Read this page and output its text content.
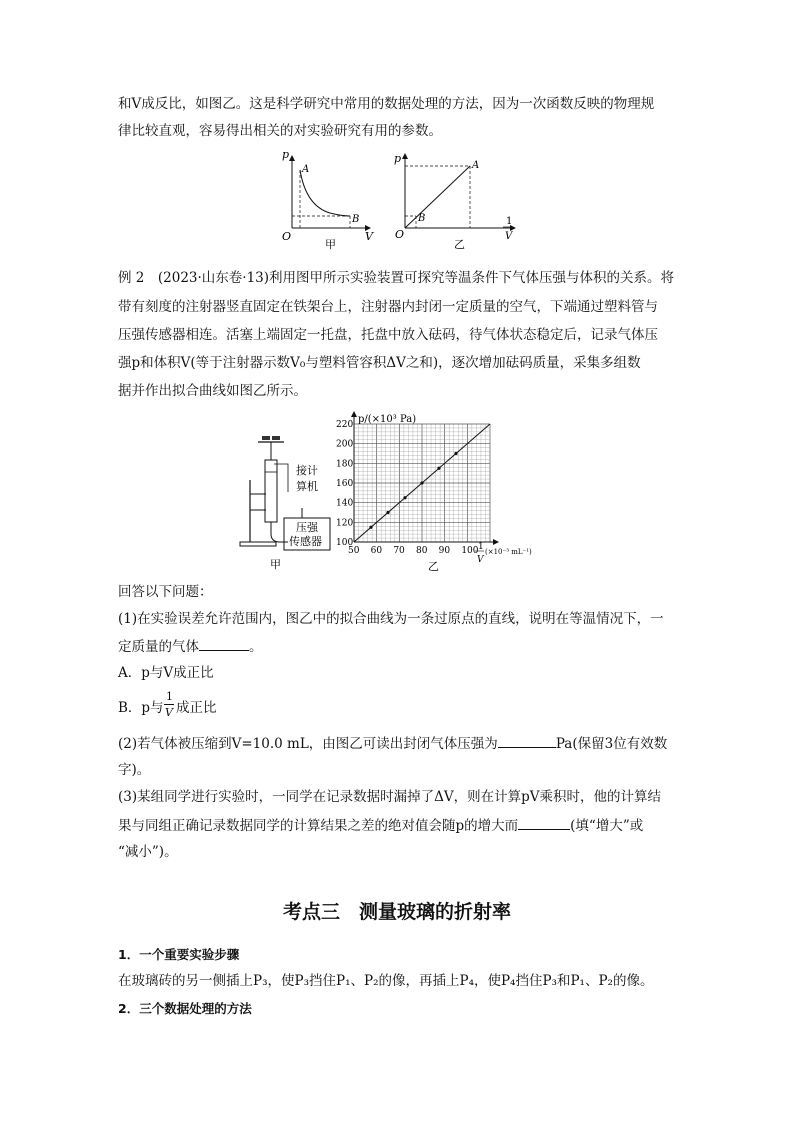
和V成反比，如图乙。这是科学研究中常用的数据处理的方法，因为一次函数反映的物理规
律比较直观，容易得出相关的对实验研究有用的参数。
p
V
O
A
B
甲
p
1
V
O
A
B
乙
例 2　(2023·山东卷·13)利用图甲所示实验装置可探究等温条件下气体压强与体积的关系。将
带有刻度的注射器竖直固定在铁架台上，注射器内封闭一定质量的空气，下端通过塑料管与
压强传感器相连。活塞上端固定一托盘，托盘中放入砝码，待气体状态稳定后，记录气体压
强p和体积V(等于注射器示数V₀与塑料管容积ΔV之和)，逐次增加砝码质量，采集多组数
据并作出拟合曲线如图乙所示。
压强
传感器
接计
算机
甲
50 60 70 80 90 100
100
120
140
160
180
200
220 p/(×10³ Pa)
1
V
(×10⁻³ mL⁻¹)
乙
回答以下问题：
(1)在实验误差允许范围内，图乙中的拟合曲线为一条过原点的直线，说明在等温情况下，一
定质量的气体	。
A．p与V成正比
B．p与
1
V 成正比
(2)若气体被压缩到V=10.0 mL，由图乙可读出封闭气体压强为	Pa(保留3位有效数
字)。
(3)某组同学进行实验时，一同学在记录数据时漏掉了ΔV，则在计算pV乘积时，他的计算结
果与同组正确记录数据同学的计算结果之差的绝对值会随p的增大而	(填“增大”或
“减小”)。
考点三　测量玻璃的折射率
1．一个重要实验步骤
在玻璃砖的另一侧插上P₃，使P₃挡住P₁、P₂的像，再插上P₄，使P₄挡住P₃和P₁、P₂的像。
2．三个数据处理的方法
